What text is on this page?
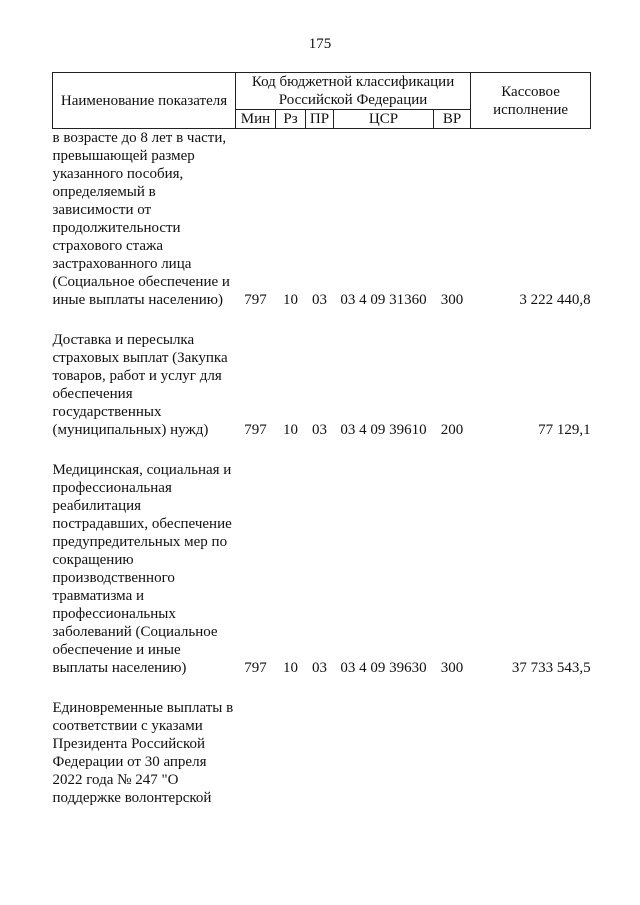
175
Наименование показателя	Код бюджетной классификации Российской Федерации					Кассовое исполнение
	Мин	Рз	ПР	ЦСР	ВР	
в возрасте до 8 лет в части, превышающей размер указанного пособия, определяемый в зависимости от продолжительности страхового стажа застрахованного лица (Социальное обеспечение и иные выплаты населению)	797	10	03	03 4 09 31360	300	3 222 440,8

Доставка и пересылка страховых выплат (Закупка товаров, работ и услуг для обеспечения государственных (муниципальных) нужд)	797	10	03	03 4 09 39610	200	77 129,1

Медицинская, социальная и профессиональная реабилитация пострадавших, обеспечение предупредительных мер по сокращению производственного травматизма и профессиональных заболеваний (Социальное обеспечение и иные выплаты населению)	797	10	03	03 4 09 39630	300	37 733 543,5

Единовременные выплаты в соответствии с указами Президента Российской Федерации от 30 апреля 2022 года № 247 "О поддержке волонтерской						
